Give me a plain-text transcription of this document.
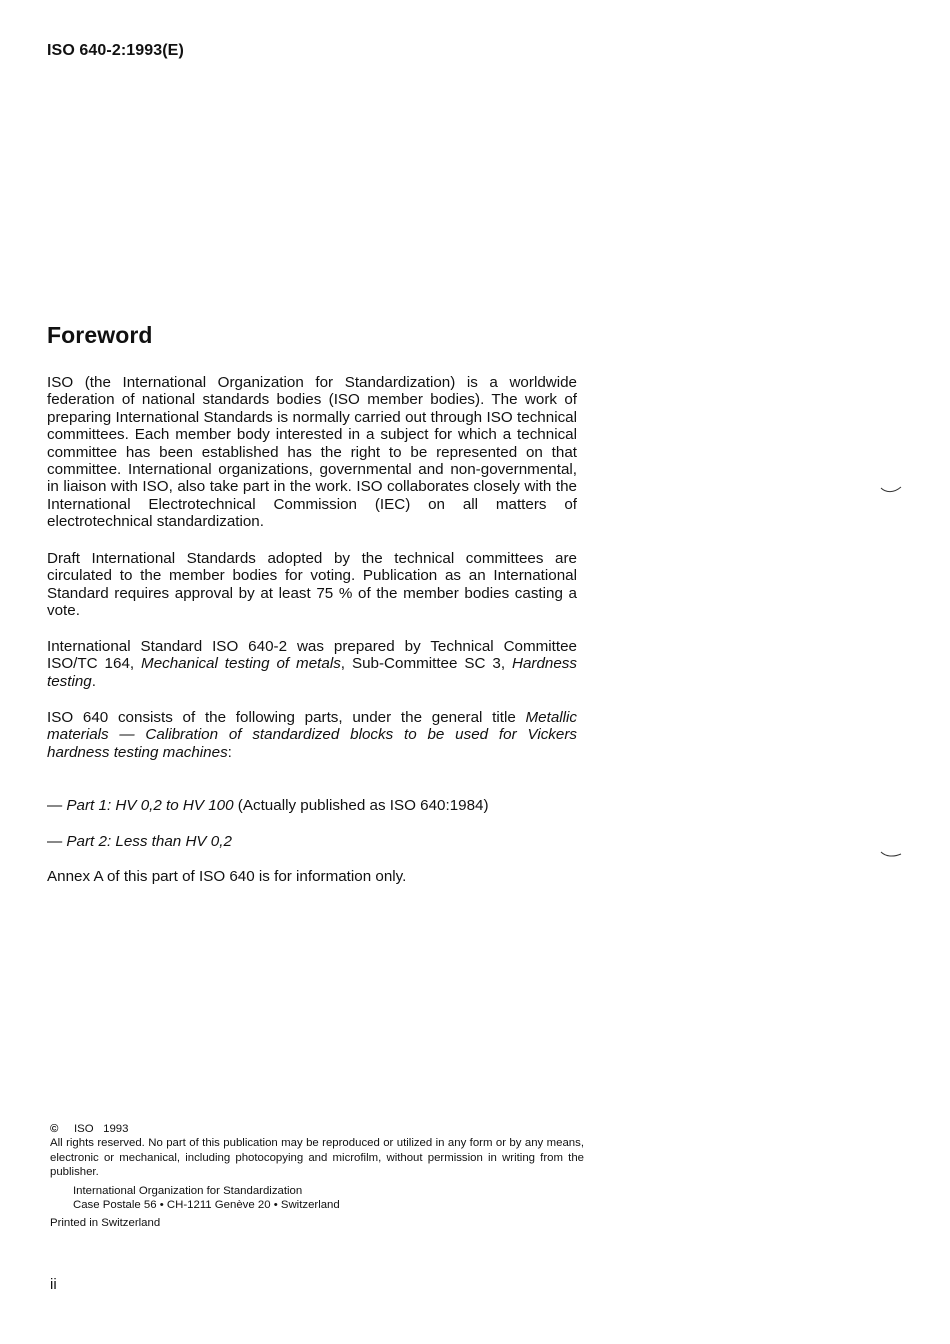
ISO 640-2:1993(E)
Foreword
ISO (the International Organization for Standardization) is a worldwide federation of national standards bodies (ISO member bodies). The work of preparing International Standards is normally carried out through ISO technical committees. Each member body interested in a subject for which a technical committee has been established has the right to be represented on that committee. International organizations, governmental and non-governmental, in liaison with ISO, also take part in the work. ISO collaborates closely with the International Electrotechnical Commission (IEC) on all matters of electrotechnical standardization.
Draft International Standards adopted by the technical committees are circulated to the member bodies for voting. Publication as an International Standard requires approval by at least 75 % of the member bodies casting a vote.
International Standard ISO 640-2 was prepared by Technical Committee ISO/TC 164, Mechanical testing of metals, Sub-Committee SC 3, Hardness testing.
ISO 640 consists of the following parts, under the general title Metallic materials — Calibration of standardized blocks to be used for Vickers hardness testing machines:
— Part 1: HV 0,2 to HV 100 (Actually published as ISO 640:1984)
— Part 2: Less than HV 0,2
Annex A of this part of ISO 640 is for information only.
©	ISO   1993
All rights reserved. No part of this publication may be reproduced or utilized in any form or by any means, electronic or mechanical, including photocopying and microfilm, without permission in writing from the publisher.
International Organization for Standardization
Case Postale 56 • CH-1211 Genève 20 • Switzerland
Printed in Switzerland
ii
